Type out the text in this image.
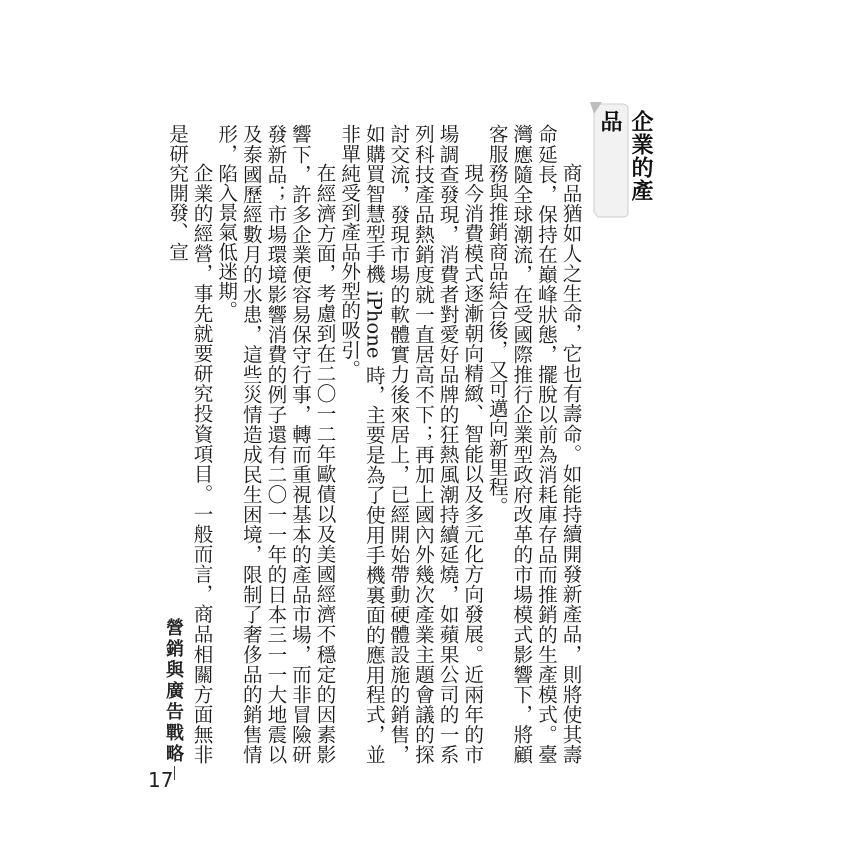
企業的產品

商品猶如人之生命，它也有壽命。如能持續開發新產品，則將使其壽命延長，保持在巔峰狀態，擺脫以前為消耗庫存品而推銷的生產模式。臺灣應隨全球潮流，在受國際推行企業型政府改革的市場模式影響下，將顧客服務與推銷商品結合後，又可邁向新里程。

現今消費模式逐漸朝向精緻、智能以及多元化方向發展。近兩年的市場調查發現，消費者對愛好品牌的狂熱風潮持續延燒，如蘋果公司的一系列科技產品熱銷度就一直居高不下；再加上國內外幾次產業主題會議的探討交流，發現市場的軟體實力後來居上，已經開始帶動硬體設施的銷售，如購買智慧型手機 iPhone 時，主要是為了使用手機裏面的應用程式，並非單純受到產品外型的吸引。

在經濟方面，考慮到在二〇一二年歐債以及美國經濟不穩定的因素影響下，許多企業便容易保守行事，轉而重視基本的產品市場，而非冒險研發新品；市場環境影響消費的例子還有二〇一一年的日本三一一大地震以及泰國歷經數月的水患，這些災情造成民生困境，限制了奢侈品的銷售情形，陷入景氣低迷期。

企業的經營，事先就要研究投資項目。一般而言，商品相關方面無非是研究開發、宣

營銷與廣告戰略
17
